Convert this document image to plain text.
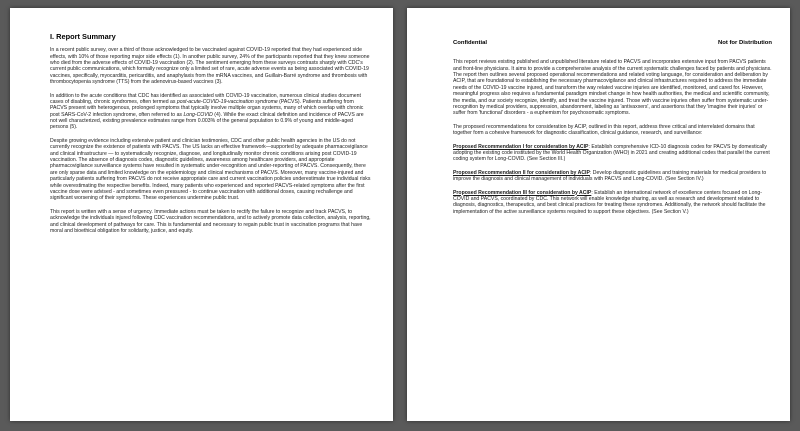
I. Report Summary

In a recent public survey, over a third of those acknowledged to be vaccinated against COVID-19 reported that they had experienced side effects, with 10% of those reporting major side effects (1). In another public survey, 24% of the participants reported that they knew someone who died from the adverse effects of COVID-19 vaccination (2). The sentiment emerging from these surveys contrasts sharply with CDC's current public communications, which formally recognize only a limited set of rare, acute adverse events as being associated with COVID-19 vaccines, specifically, myocarditis, pericarditis, and anaphylaxis from the mRNA vaccines, and Guillain-Barré syndrome and thrombosis with thrombocytopenia syndrome (TTS) from the adenovirus-based vaccines (3).

In addition to the acute conditions that CDC has identified as associated with COVID-19 vaccination, numerous clinical studies document cases of disabling, chronic syndromes, often termed as post-acute-COVID-19-vaccination syndrome (PACVS). Patients suffering from PACVS present with heterogenous, prolonged symptoms that typically involve multiple organ systems, many of which overlap with chronic post SARS-CoV-2 infection syndrome, often referred to as Long-COVID (4). While the exact clinical definition and incidence of PACVS are not well characterized, existing prevalence estimates range from 0.003% of the general population to 0.9% of young and middle-aged persons (5).

Despite growing evidence including extensive patient and clinician testimonies, CDC and other public health agencies in the US do not currently recognize the existence of patients with PACVS. The US lacks an effective framework—supported by adequate pharmacovigilance and clinical infrastructure — to systematically recognize, diagnose, and longitudinally monitor chronic conditions arising post COVID-19 vaccination. The absence of diagnosis codes, diagnostic guidelines, awareness among healthcare providers, and appropriate pharmacovigilance surveillance systems have resulted in systematic under-recognition and under-reporting of PACVS. Consequently, there are only sparse data and limited knowledge on the epidemiology and clinical mechanisms of PACVS. Moreover, many vaccine-injured and particularly patients suffering from PACVS do not receive appropriate care and current vaccination policies underestimate true individual risks while overestimating the respective benefits. Indeed, many patients who experienced and reported PACVS-related symptoms after the first vaccine dose were advised - and sometimes even pressured - to continue vaccination with additional doses, causing rechallenge and significant worsening of their symptoms. These experiences undermine public trust.

This report is written with a sense of urgency. Immediate actions must be taken to rectify the failure to recognize and track PACVS, to acknowledge the individuals injured following CDC vaccination recommendations, and to actively promote data collection, analysis, reporting, and clinical development of pathways for care. This is fundamental and necessary to regain public trust in vaccination programs that have moral and bioethical obligation for solidarity, justice, and equity.

Confidential	Not for Distribution

This report reviews existing published and unpublished literature related to PACVS and incorporates extensive input from PACVS patients and front-line physicians. It aims to provide a comprehensive analysis of the current systematic challenges faced by patients and physicians. The report then outlines several proposed operational recommendations and related voting language, for consideration and deliberation by ACIP, that are foundational to establishing the necessary pharmacovigilance and clinical infrastructures required to address the immediate needs of the COVID-19 vaccine injured, and transform the way related vaccine injuries are identified, monitored, and cared for. However, meaningful progress also requires a fundamental paradigm mindset change in how health authorities, the medical and scientific community, the media, and our society recognize, identify, and treat the vaccine injured. Those with vaccine injuries often suffer from systematic under-recognition by medical providers, suppression, abandonment, labeling as 'antivaxxers', and assertions that they 'imagine their injuries' or suffer from 'functional' disorders - a euphemism for psychosomatic symptoms.

The proposed recommendations for consideration by ACIP, outlined in this report, address three critical and interrelated domains that together form a cohesive framework for diagnostic classification, clinical guidance, research, and surveillance:

Proposed Recommendation I for consideration by ACIP: Establish comprehensive ICD-10 diagnosis codes for PACVS by domestically adopting the existing code instituted by the World Health Organization (WHO) in 2021 and creating additional codes that parallel the current coding system for Long-COVID. (See Section III.)

Proposed Recommendation II for consideration by ACIP: Develop diagnostic guidelines and training materials for medical providers to improve the diagnosis and clinical management of individuals with PACVS and Long-COVID. (See Section IV.)

Proposed Recommendation III for consideration by ACIP: Establish an international network of excellence centers focused on Long-COVID and PACVS, coordinated by CDC. This network will enable knowledge sharing, as well as research and development related to diagnosis, diagnostics, therapeutics, and best clinical practices for treating these syndromes. Additionally, the network should facilitate the implementation of the active surveillance systems required to support these objectives. (See Section V.)
